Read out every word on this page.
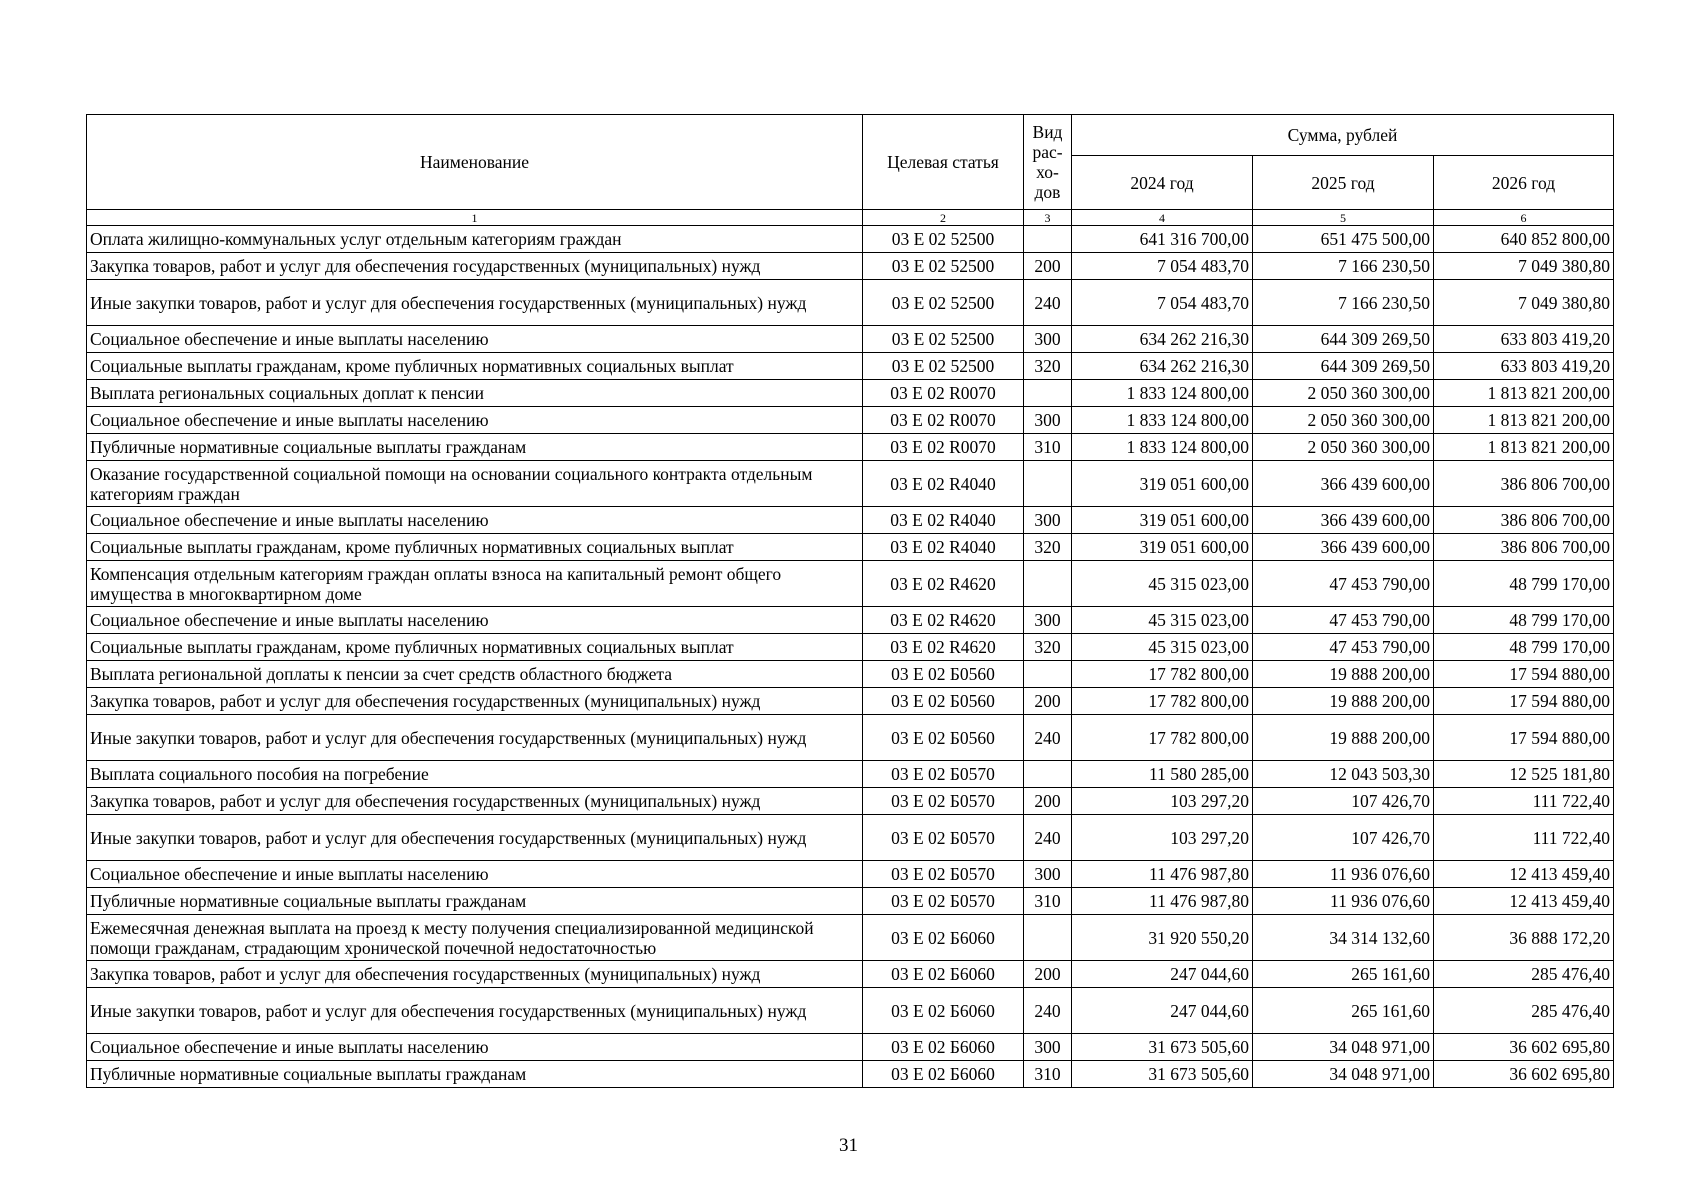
Наименование	Целевая статья	Вид
рас-
хо-
дов	Сумма, рублей		
			2024 год	2025 год	2026 год
1	2	3	4	5	6
Оплата жилищно-коммунальных услуг отдельным категориям граждан	03 Е 02 52500		641 316 700,00	651 475 500,00	640 852 800,00
Закупка товаров, работ и услуг для обеспечения государственных (муниципальных) нужд	03 Е 02 52500	200	7 054 483,70	7 166 230,50	7 049 380,80
Иные закупки товаров, работ и услуг для обеспечения государственных (муниципальных) нужд	03 Е 02 52500	240	7 054 483,70	7 166 230,50	7 049 380,80
Социальное обеспечение и иные выплаты населению	03 Е 02 52500	300	634 262 216,30	644 309 269,50	633 803 419,20
Социальные выплаты гражданам, кроме публичных нормативных социальных выплат	03 Е 02 52500	320	634 262 216,30	644 309 269,50	633 803 419,20
Выплата региональных социальных доплат к пенсии	03 Е 02 R0070		1 833 124 800,00	2 050 360 300,00	1 813 821 200,00
Социальное обеспечение и иные выплаты населению	03 Е 02 R0070	300	1 833 124 800,00	2 050 360 300,00	1 813 821 200,00
Публичные нормативные социальные выплаты гражданам	03 Е 02 R0070	310	1 833 124 800,00	2 050 360 300,00	1 813 821 200,00
Оказание государственной социальной помощи на основании социального контракта отдельным категориям граждан	03 Е 02 R4040		319 051 600,00	366 439 600,00	386 806 700,00
Социальное обеспечение и иные выплаты населению	03 Е 02 R4040	300	319 051 600,00	366 439 600,00	386 806 700,00
Социальные выплаты гражданам, кроме публичных нормативных социальных выплат	03 Е 02 R4040	320	319 051 600,00	366 439 600,00	386 806 700,00
Компенсация отдельным категориям граждан оплаты взноса на капитальный ремонт общего имущества в многоквартирном доме	03 Е 02 R4620		45 315 023,00	47 453 790,00	48 799 170,00
Социальное обеспечение и иные выплаты населению	03 Е 02 R4620	300	45 315 023,00	47 453 790,00	48 799 170,00
Социальные выплаты гражданам, кроме публичных нормативных социальных выплат	03 Е 02 R4620	320	45 315 023,00	47 453 790,00	48 799 170,00
Выплата региональной доплаты к пенсии за счет средств областного бюджета	03 Е 02 Б0560		17 782 800,00	19 888 200,00	17 594 880,00
Закупка товаров, работ и услуг для обеспечения государственных (муниципальных) нужд	03 Е 02 Б0560	200	17 782 800,00	19 888 200,00	17 594 880,00
Иные закупки товаров, работ и услуг для обеспечения государственных (муниципальных) нужд	03 Е 02 Б0560	240	17 782 800,00	19 888 200,00	17 594 880,00
Выплата социального пособия на погребение	03 Е 02 Б0570		11 580 285,00	12 043 503,30	12 525 181,80
Закупка товаров, работ и услуг для обеспечения государственных (муниципальных) нужд	03 Е 02 Б0570	200	103 297,20	107 426,70	111 722,40
Иные закупки товаров, работ и услуг для обеспечения государственных (муниципальных) нужд	03 Е 02 Б0570	240	103 297,20	107 426,70	111 722,40
Социальное обеспечение и иные выплаты населению	03 Е 02 Б0570	300	11 476 987,80	11 936 076,60	12 413 459,40
Публичные нормативные социальные выплаты гражданам	03 Е 02 Б0570	310	11 476 987,80	11 936 076,60	12 413 459,40
Ежемесячная денежная выплата на проезд к месту получения специализированной медицинской помощи гражданам, страдающим хронической почечной недостаточностью	03 Е 02 Б6060		31 920 550,20	34 314 132,60	36 888 172,20
Закупка товаров, работ и услуг для обеспечения государственных (муниципальных) нужд	03 Е 02 Б6060	200	247 044,60	265 161,60	285 476,40
Иные закупки товаров, работ и услуг для обеспечения государственных (муниципальных) нужд	03 Е 02 Б6060	240	247 044,60	265 161,60	285 476,40
Социальное обеспечение и иные выплаты населению	03 Е 02 Б6060	300	31 673 505,60	34 048 971,00	36 602 695,80
Публичные нормативные социальные выплаты гражданам	03 Е 02 Б6060	310	31 673 505,60	34 048 971,00	36 602 695,80
31
